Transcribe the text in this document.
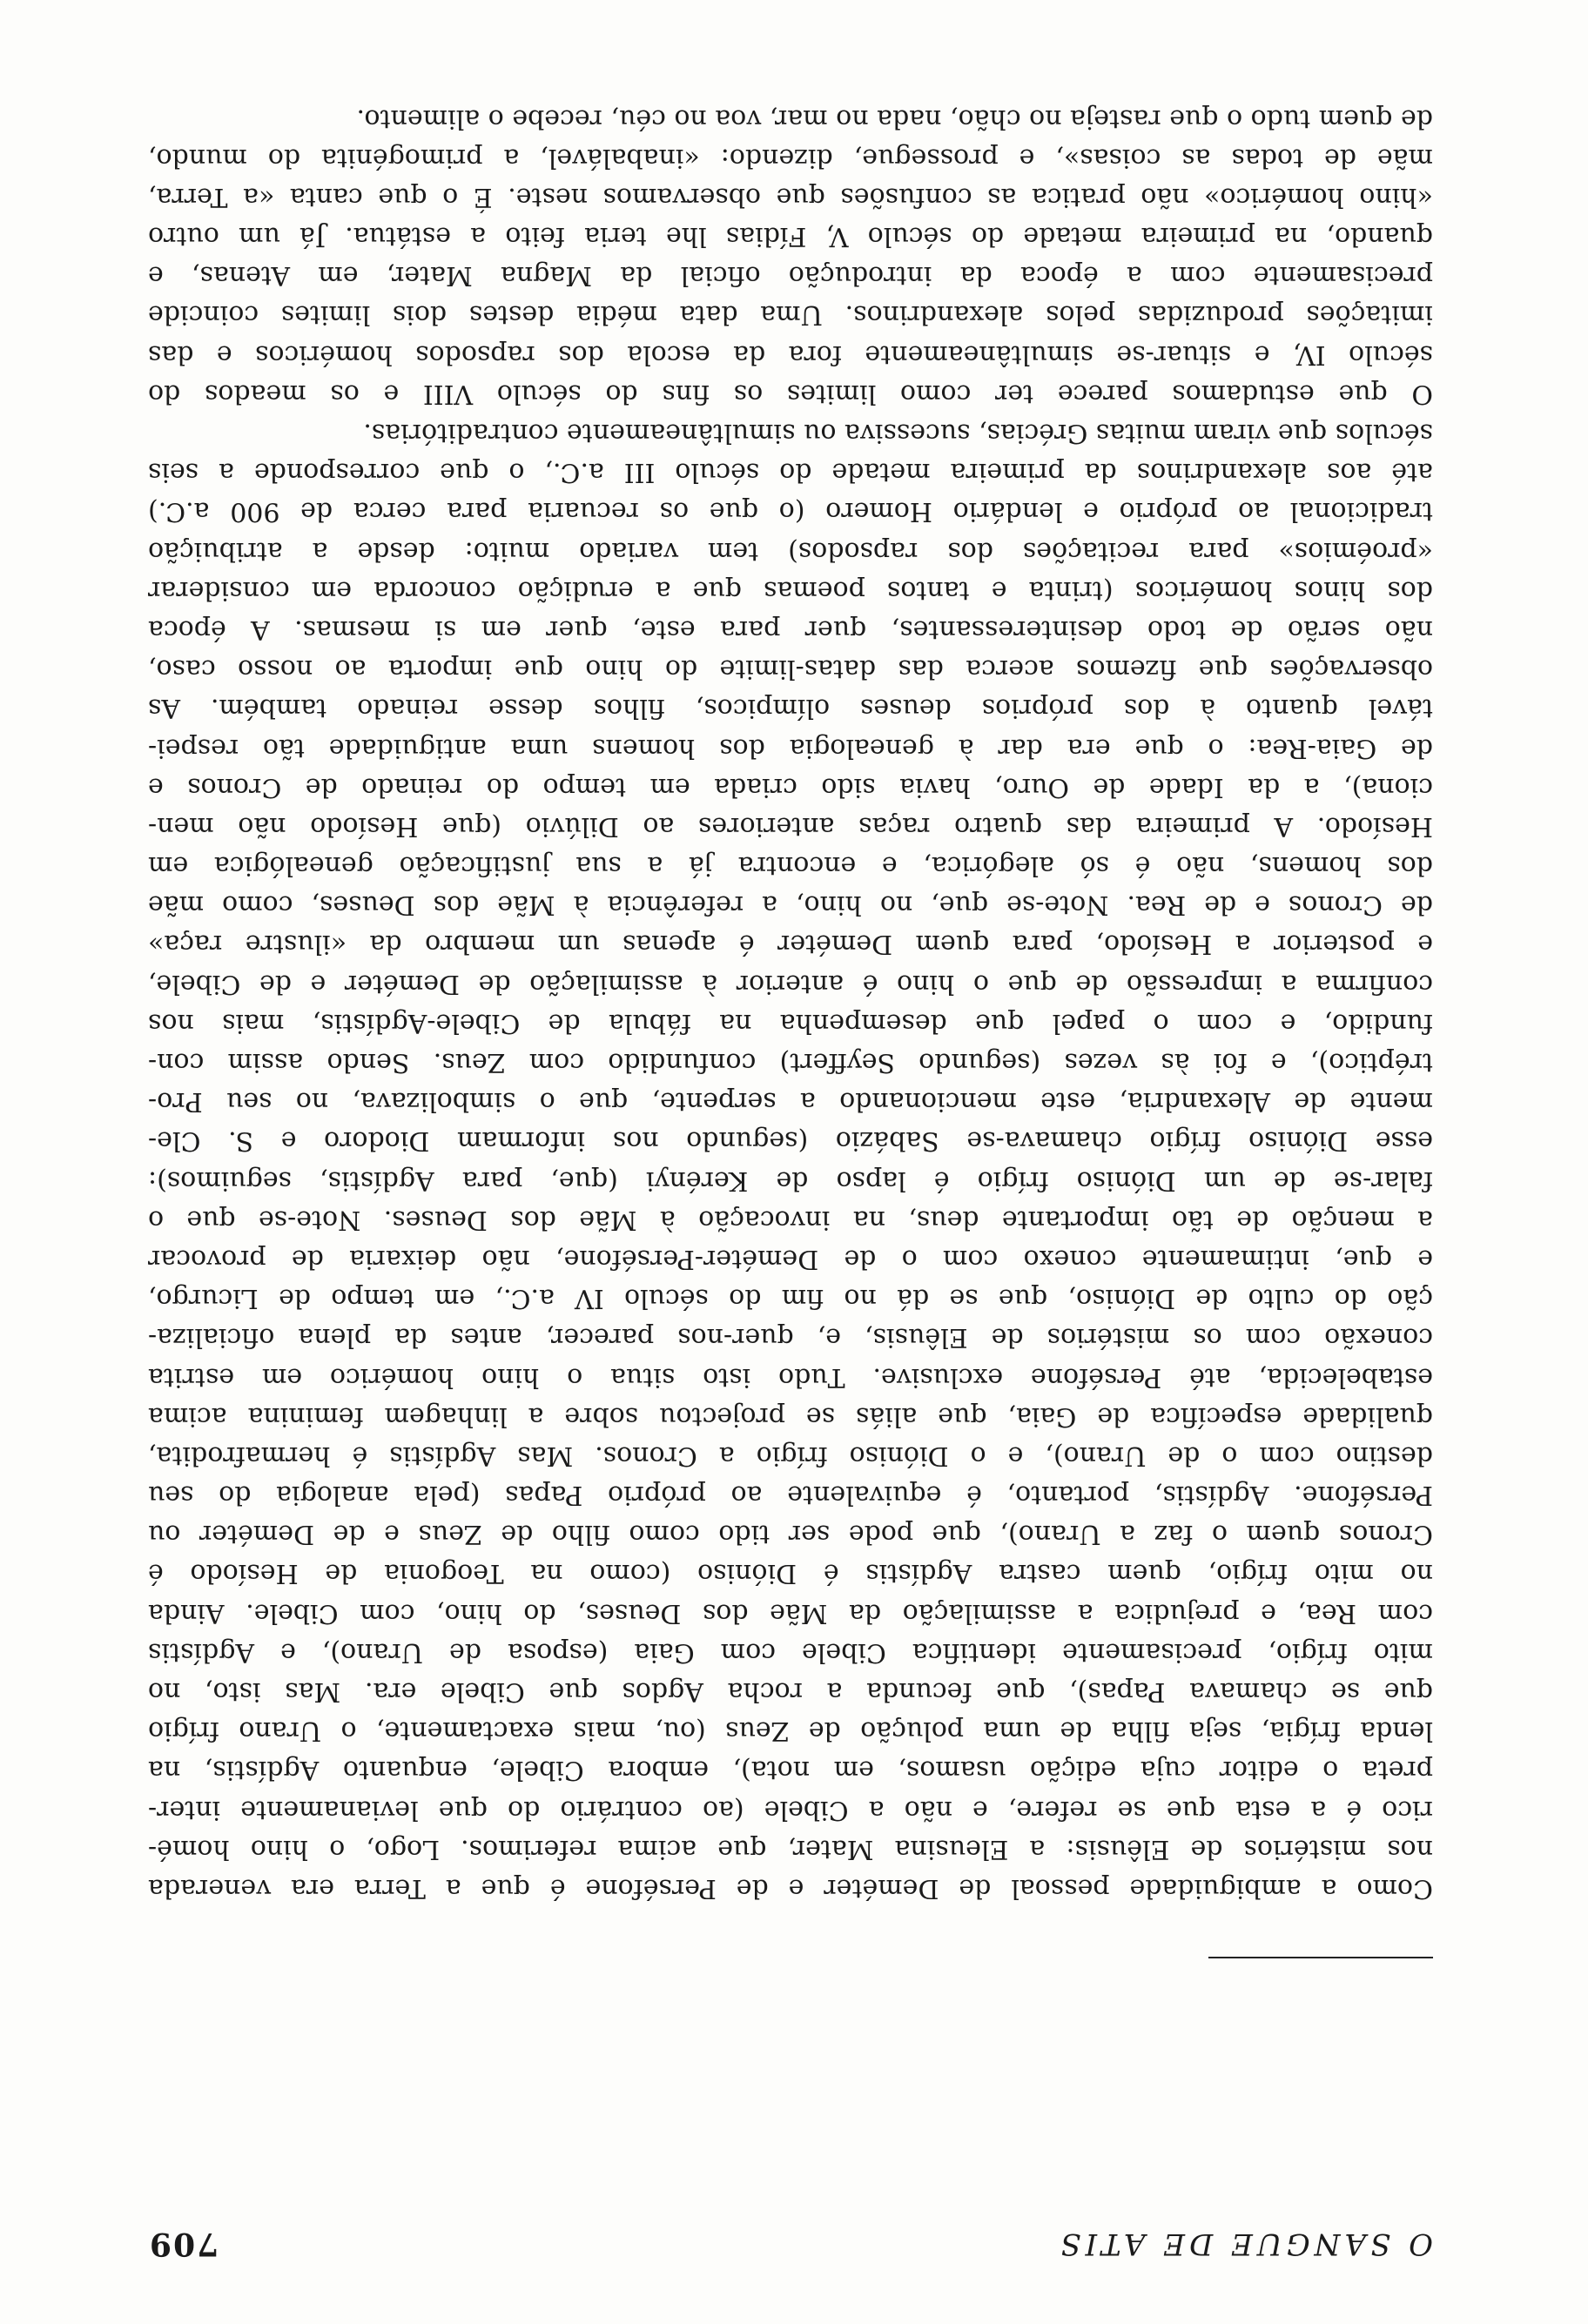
O SANGUE DE ATIS
709
Como a ambiguidade pessoal de Deméter e de Perséfone é que a Terra era venerada
nos mistérios de Elêusis: a Eleusina Mater, que acima referimos. Logo, o hino homé-
rico é a esta que se refere, e não a Cibele (ao contrário do que levianamente inter-
preta o editor cuja edição usamos, em nota), embora Cibele, enquanto Agdístis, na
lenda frígia, seja filha de uma polução de Zeus (ou, mais exactamente, o Urano frígio
que se chamava Papas), que fecunda a rocha Agdos que Cibele era. Mas isto, no
mito frígio, precisamente identifica Cibele com Gaia (esposa de Urano), e Agdístis
com Rea, e prejudica a assimilação da Mãe dos Deuses, do hino, com Cibele. Ainda
no mito frígio, quem castra Agdístis é Dióniso (como na Teogonia de Hesíodo é
Cronos quem o faz a Urano), que pode ser tido como filho de Zeus e de Deméter ou
Perséfone. Agdístis, portanto, é equivalente ao próprio Papas (pela analogia do seu
destino com o de Urano), e o Dióniso frígio a Cronos. Mas Agdístis é hermafrodita,
qualidade específica de Gaia, que aliás se projectou sobre a linhagem feminina acima
estabelecida, até Perséfone exclusive. Tudo isto situa o hino homérico em estrita
conexão com os mistérios de Elêusis, e, quer-nos parecer, antes da plena oficializa-
ção do culto de Dióniso, que se dá no fim do século IV a.C., em tempo de Licurgo,
e que, intimamente conexo com o de Deméter-Perséfone, não deixaria de provocar
a menção de tão importante deus, na invocação à Mãe dos Deuses. Note-se que o
falar-se de um Dióniso frígio é lapso de Kerényi (que, para Agdístis, seguimos):
esse Dióniso frígio chamava-se Sabázio (segundo nos informam Diodoro e S. Cle-
mente de Alexandria, este mencionando a serpente, que o simbolizava, no seu Pro-
tréptico), e foi às vezes (segundo Seyffert) confundido com Zeus. Sendo assim con-
fundido, e com o papel que desempenha na fábula de Cibele-Agdístis, mais nos
confirma a impressão de que o hino é anterior à assimilação de Deméter e de Cibele,
e posterior a Hesíodo, para quem Deméter é apenas um membro da «ilustre raça»
de Cronos e de Rea. Note-se que, no hino, a referência à Mãe dos Deuses, como mãe
dos homens, não é só alegórica, e encontra já a sua justificação genealógica em
Hesíodo. A primeira das quatro raças anteriores ao Dilúvio (que Hesíodo não men-
ciona), a da Idade de Ouro, havia sido criada em tempo do reinado de Cronos e
de Gaia-Rea: o que era dar à genealogia dos homens uma antiguidade tão respei-
tável quanto à dos próprios deuses olímpicos, filhos desse reinado também. As
observações que fizemos acerca das datas-limite do hino que importa ao nosso caso,
não serão de todo desinteressantes, quer para este, quer em si mesmas. A época
dos hinos homéricos (trinta e tantos poemas que a erudição concorda em considerar
«proémios» para recitações dos rapsodos) tem variado muito: desde a atribuição
tradicional ao próprio e lendário Homero (o que os recuaria para cerca de 900 a.C.)
até aos alexandrinos da primeira metade do século III a.C., o que corresponde a seis
séculos que viram muitas Grécias, sucessiva ou simultâneamente contraditórias.
O que estudamos parece ter como limites os fins do século VIII e os meados do
século IV, e situar-se simultâneamente fora da escola dos rapsodos homéricos e das
imitações produzidas pelos alexandrinos. Uma data média destes dois limites coincide
precisamente com a época da introdução oficial da Magna Mater, em Atenas, e
quando, na primeira metade do século V, Fídias lhe teria feito a estátua. Já um outro
«hino homérico» não pratica as confusões que observamos neste. É o que canta «a Terra,
mãe de todas as coisas», e prossegue, dizendo: «inabalável, a primogénita do mundo,
de quem tudo o que rasteja no chão, nada no mar, voa no céu, recebe o alimento.
